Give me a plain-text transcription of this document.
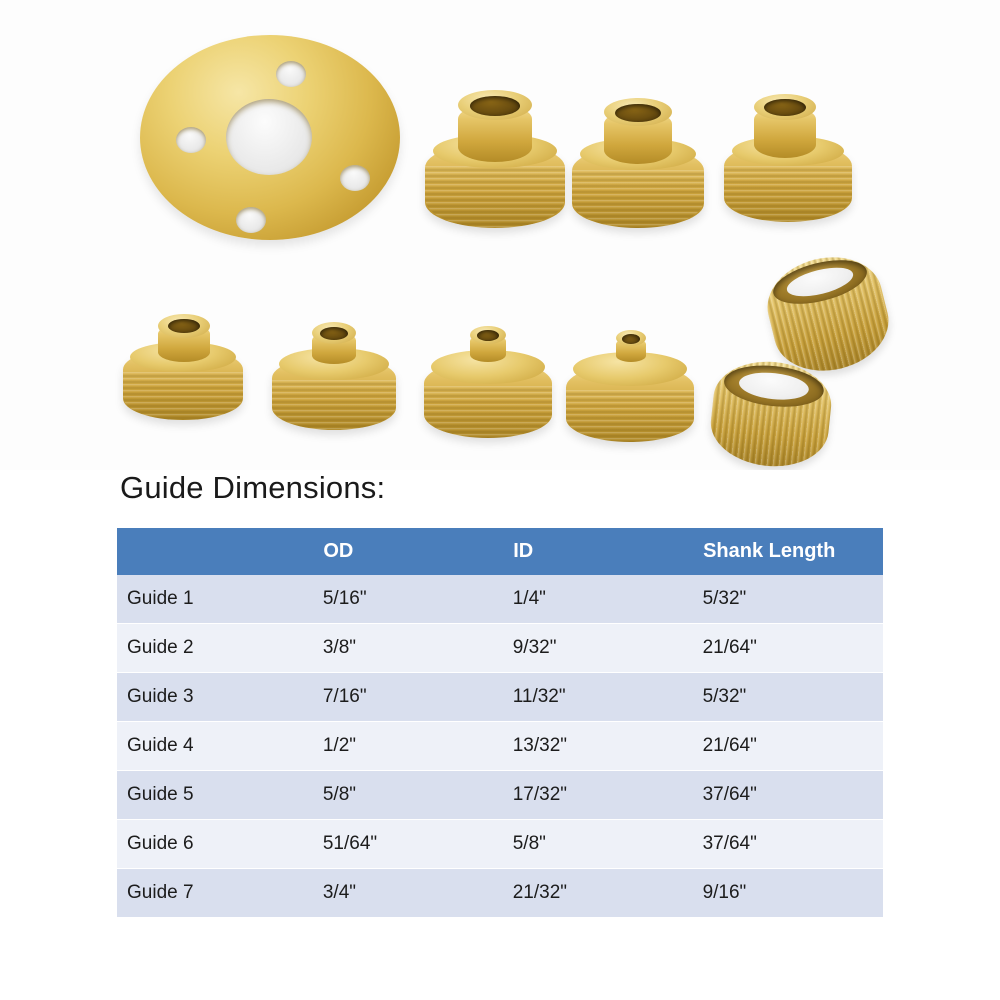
Guide Dimensions:
	OD	ID	Shank Length
Guide 1	5/16"	1/4"	5/32"
Guide 2	3/8"	9/32"	21/64"
Guide 3	7/16"	11/32"	5/32"
Guide 4	1/2"	13/32"	21/64"
Guide 5	5/8"	17/32"	37/64"
Guide 6	51/64"	5/8"	37/64"
Guide 7	3/4"	21/32"	9/16"
